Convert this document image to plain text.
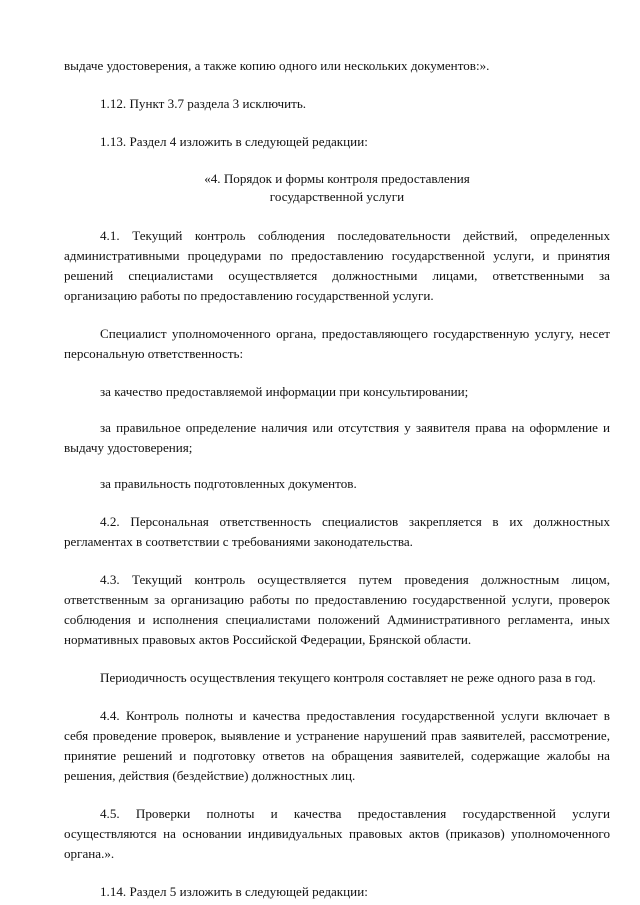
выдаче удостоверения, а также копию одного или нескольких документов:».

1.12. Пункт 3.7 раздела 3 исключить.

1.13. Раздел 4 изложить в следующей редакции:

«4. Порядок и формы контроля предоставления
государственной услуги

4.1. Текущий контроль соблюдения последовательности действий, определенных административными процедурами по предоставлению государственной услуги, и принятия решений специалистами осуществляется должностными лицами, ответственными за организацию работы по предоставлению государственной услуги.

Специалист уполномоченного органа, предоставляющего государственную услугу, несет персональную ответственность:

за качество предоставляемой информации при консультировании;

за правильное определение наличия или отсутствия у заявителя права на оформление и выдачу удостоверения;

за правильность подготовленных документов.

4.2. Персональная ответственность специалистов закрепляется в их должностных регламентах в соответствии с требованиями законодательства.

4.3. Текущий контроль осуществляется путем проведения должностным лицом, ответственным за организацию работы по предоставлению государственной услуги, проверок соблюдения и исполнения специалистами положений Административного регламента, иных нормативных правовых актов Российской Федерации, Брянской области.

Периодичность осуществления текущего контроля составляет не реже одного раза в год.

4.4. Контроль полноты и качества предоставления государственной услуги включает в себя проведение проверок, выявление и устранение нарушений прав заявителей, рассмотрение, принятие решений и подготовку ответов на обращения заявителей, содержащие жалобы на решения, действия (бездействие) должностных лиц.

4.5. Проверки полноты и качества предоставления государственной услуги осуществляются на основании индивидуальных правовых актов (приказов) уполномоченного органа.».

1.14. Раздел 5 изложить в следующей редакции:
